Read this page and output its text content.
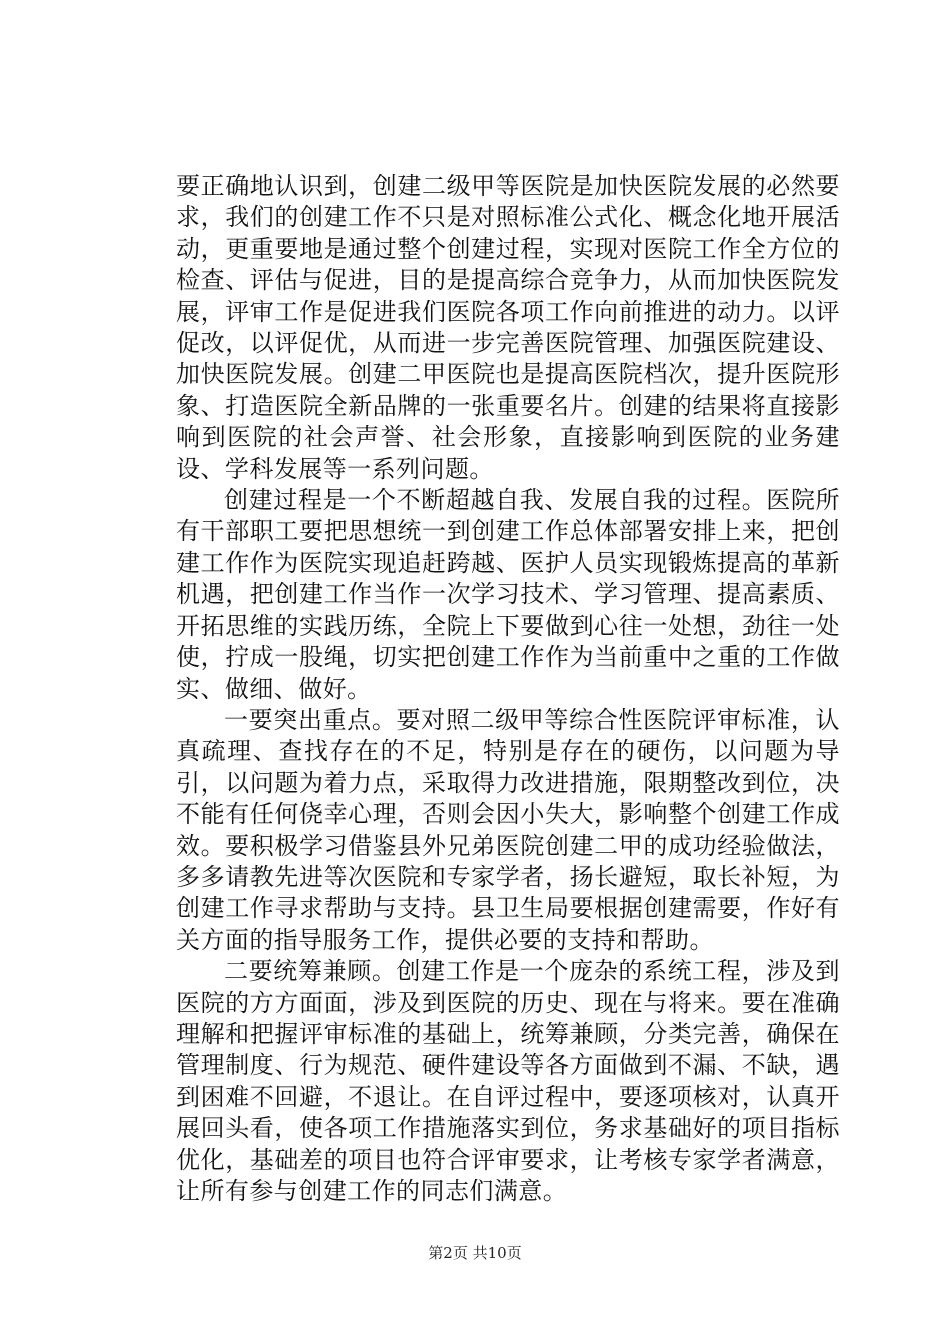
要正确地认识到，创建二级甲等医院是加快医院发展的必然要求，我们的创建工作不只是对照标准公式化、概念化地开展活动，更重要地是通过整个创建过程，实现对医院工作全方位的检查、评估与促进，目的是提高综合竞争力，从而加快医院发展，评审工作是促进我们医院各项工作向前推进的动力。以评促改，以评促优，从而进一步完善医院管理、加强医院建设、加快医院发展。创建二甲医院也是提高医院档次，提升医院形象、打造医院全新品牌的一张重要名片。创建的结果将直接影响到医院的社会声誉、社会形象，直接影响到医院的业务建设、学科发展等一系列问题。

创建过程是一个不断超越自我、发展自我的过程。医院所有干部职工要把思想统一到创建工作总体部署安排上来，把创建工作作为医院实现追赶跨越、医护人员实现锻炼提高的革新机遇，把创建工作当作一次学习技术、学习管理、提高素质、开拓思维的实践历练，全院上下要做到心往一处想，劲往一处使，拧成一股绳，切实把创建工作作为当前重中之重的工作做实、做细、做好。

一要突出重点。要对照二级甲等综合性医院评审标准，认真疏理、查找存在的不足，特别是存在的硬伤，以问题为导引，以问题为着力点，采取得力改进措施，限期整改到位，决不能有任何侥幸心理，否则会因小失大，影响整个创建工作成效。要积极学习借鉴县外兄弟医院创建二甲的成功经验做法，多多请教先进等次医院和专家学者，扬长避短，取长补短，为创建工作寻求帮助与支持。县卫生局要根据创建需要，作好有关方面的指导服务工作，提供必要的支持和帮助。

二要统筹兼顾。创建工作是一个庞杂的系统工程，涉及到医院的方方面面，涉及到医院的历史、现在与将来。要在准确理解和把握评审标准的基础上，统筹兼顾，分类完善，确保在管理制度、行为规范、硬件建设等各方面做到不漏、不缺，遇到困难不回避，不退让。在自评过程中，要逐项核对，认真开展回头看，使各项工作措施落实到位，务求基础好的项目指标优化，基础差的项目也符合评审要求，让考核专家学者满意，让所有参与创建工作的同志们满意。

第2页 共10页
